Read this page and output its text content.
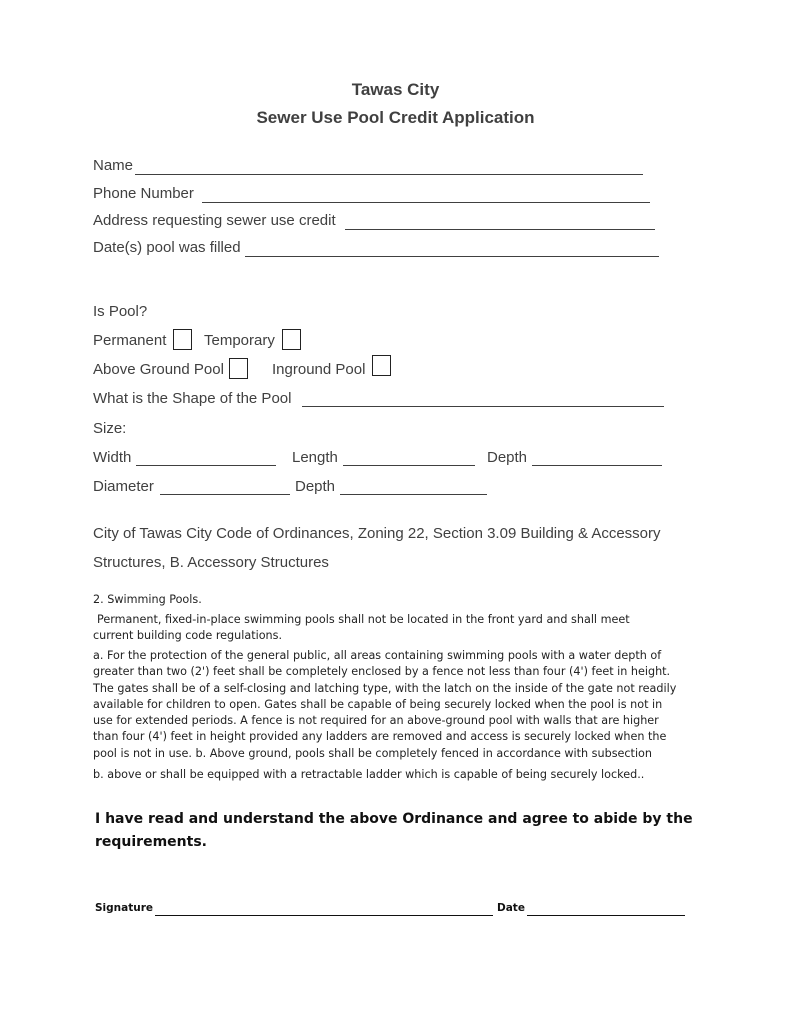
Tawas City
Sewer Use Pool Credit Application
Name
Phone Number
Address requesting sewer use credit
Date(s) pool was filled
Is Pool?
Permanent	Temporary
Above Ground Pool	Inground Pool
What is the Shape of the Pool
Size:
Width	Length	Depth
Diameter	Depth
City of Tawas City Code of Ordinances, Zoning 22, Section 3.09 Building & Accessory
Structures, B. Accessory Structures
2. Swimming Pools.
Permanent, fixed-in-place swimming pools shall not be located in the front yard and shall meet
current building code regulations.
a. For the protection of the general public, all areas containing swimming pools with a water depth of
greater than two (2') feet shall be completely enclosed by a fence not less than four (4') feet in height.
The gates shall be of a self-closing and latching type, with the latch on the inside of the gate not readily
available for children to open. Gates shall be capable of being securely locked when the pool is not in
use for extended periods. A fence is not required for an above-ground pool with walls that are higher
than four (4') feet in height provided any ladders are removed and access is securely locked when the
pool is not in use. b. Above ground, pools shall be completely fenced in accordance with subsection
b. above or shall be equipped with a retractable ladder which is capable of being securely locked..
I have read and understand the above Ordinance and agree to abide by the
requirements.
Signature	Date
